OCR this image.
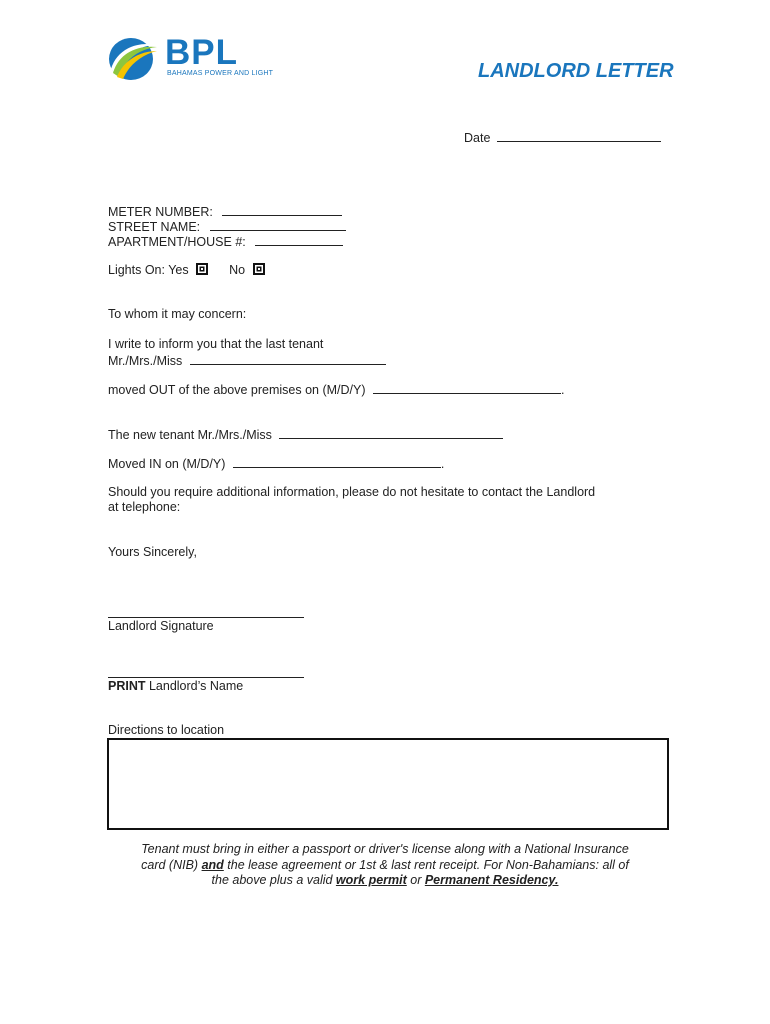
BPL
BAHAMAS POWER AND LIGHT	LANDLORD LETTER
Date
METER NUMBER:
STREET NAME:
APARTMENT/HOUSE #:
Lights On: Yes	No
To whom it may concern:
I write to inform you that the last tenant
Mr./Mrs./Miss
moved OUT of the above premises on (M/D/Y)	.
The new tenant Mr./Mrs./Miss
Moved IN on (M/D/Y)	.
Should you require additional information, please do not hesitate to contact the Landlord
at telephone:
Yours Sincerely,
Landlord Signature
PRINT Landlord’s Name
Directions to location
Tenant must bring in either a passport or driver's license along with a National Insurance
card (NIB) and the lease agreement or 1st & last rent receipt. For Non-Bahamians: all of
the above plus a valid work permit or Permanent Residency.
